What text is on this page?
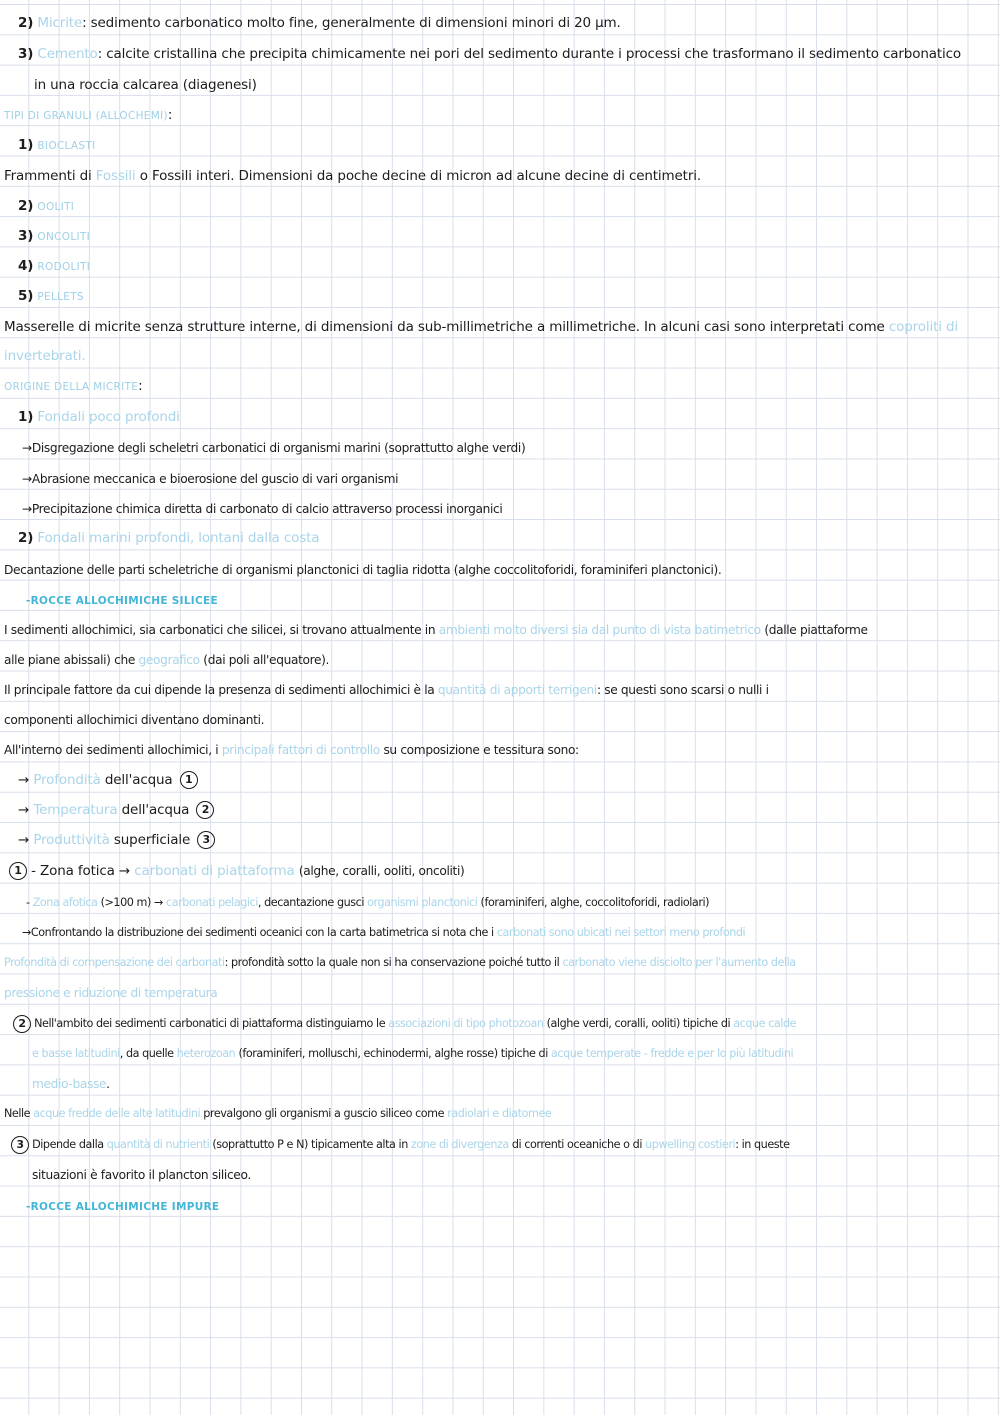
2) Micrite: sedimento carbonatico molto fine, generalmente di dimensioni minori di 20 µm.
3) Cemento: calcite cristallina che precipita chimicamente nei pori del sedimento durante i processi che trasformano il sedimento carbonatico
in una roccia calcarea (diagenesi)
TIPI DI GRANULI (ALLOCHEMI):
1) BIOCLASTI
Frammenti di Fossili o Fossili interi. Dimensioni da poche decine di micron ad alcune decine di centimetri.
2) OOLITI
3) ONCOLITI
4) RODOLITI
5) PELLETS
Masserelle di micrite senza strutture interne, di dimensioni da sub-millimetriche a millimetriche. In alcuni casi sono interpretati come coproliti di
invertebrati.
ORIGINE DELLA MICRITE:
1) Fondali poco profondi
→Disgregazione degli scheletri carbonatici di organismi marini (soprattutto alghe verdi)
→Abrasione meccanica e bioerosione del guscio di vari organismi
→Precipitazione chimica diretta di carbonato di calcio attraverso processi inorganici
2) Fondali marini profondi, lontani dalla costa
Decantazione delle parti scheletriche di organismi planctonici di taglia ridotta (alghe coccolitoforidi, foraminiferi planctonici).
-ROCCE ALLOCHIMICHE SILICEE
I sedimenti allochimici, sia carbonatici che silicei, si trovano attualmente in ambienti molto diversi sia dal punto di vista batimetrico (dalle piattaforme
alle piane abissali) che geografico (dai poli all'equatore).
Il principale fattore da cui dipende la presenza di sedimenti allochimici è la quantità di apporti terrigeni: se questi sono scarsi o nulli i
componenti allochimici diventano dominanti.
All'interno dei sedimenti allochimici, i principali fattori di controllo su composizione e tessitura sono:
→ Profondità dell'acqua 1
→ Temperatura dell'acqua 2
→ Produttività superficiale 3
1 - Zona fotica → carbonati di piattaforma (alghe, coralli, ooliti, oncoliti)
- Zona afotica (>100 m) → carbonati pelagici, decantazione gusci organismi planctonici (foraminiferi, alghe, coccolitoforidi, radiolari)
→Confrontando la distribuzione dei sedimenti oceanici con la carta batimetrica si nota che i carbonati sono ubicati nei settori meno profondi
Profondità di compensazione dei carbonati: profondità sotto la quale non si ha conservazione poiché tutto il carbonato viene disciolto per l'aumento della
pressione e riduzione di temperatura
2 Nell'ambito dei sedimenti carbonatici di piattaforma distinguiamo le associazioni di tipo photozoan (alghe verdi, coralli, ooliti) tipiche di acque calde
e basse latitudini, da quelle heterozoan (foraminiferi, molluschi, echinodermi, alghe rosse) tipiche di acque temperate - fredde e per lo più latitudini
medio-basse.
Nelle acque fredde delle alte latitudini prevalgono gli organismi a guscio siliceo come radiolari e diatomee
3 Dipende dalla quantità di nutrienti (soprattutto P e N) tipicamente alta in zone di divergenza di correnti oceaniche o di upwelling costieri: in queste
situazioni è favorito il plancton siliceo.
-ROCCE ALLOCHIMICHE IMPURE
